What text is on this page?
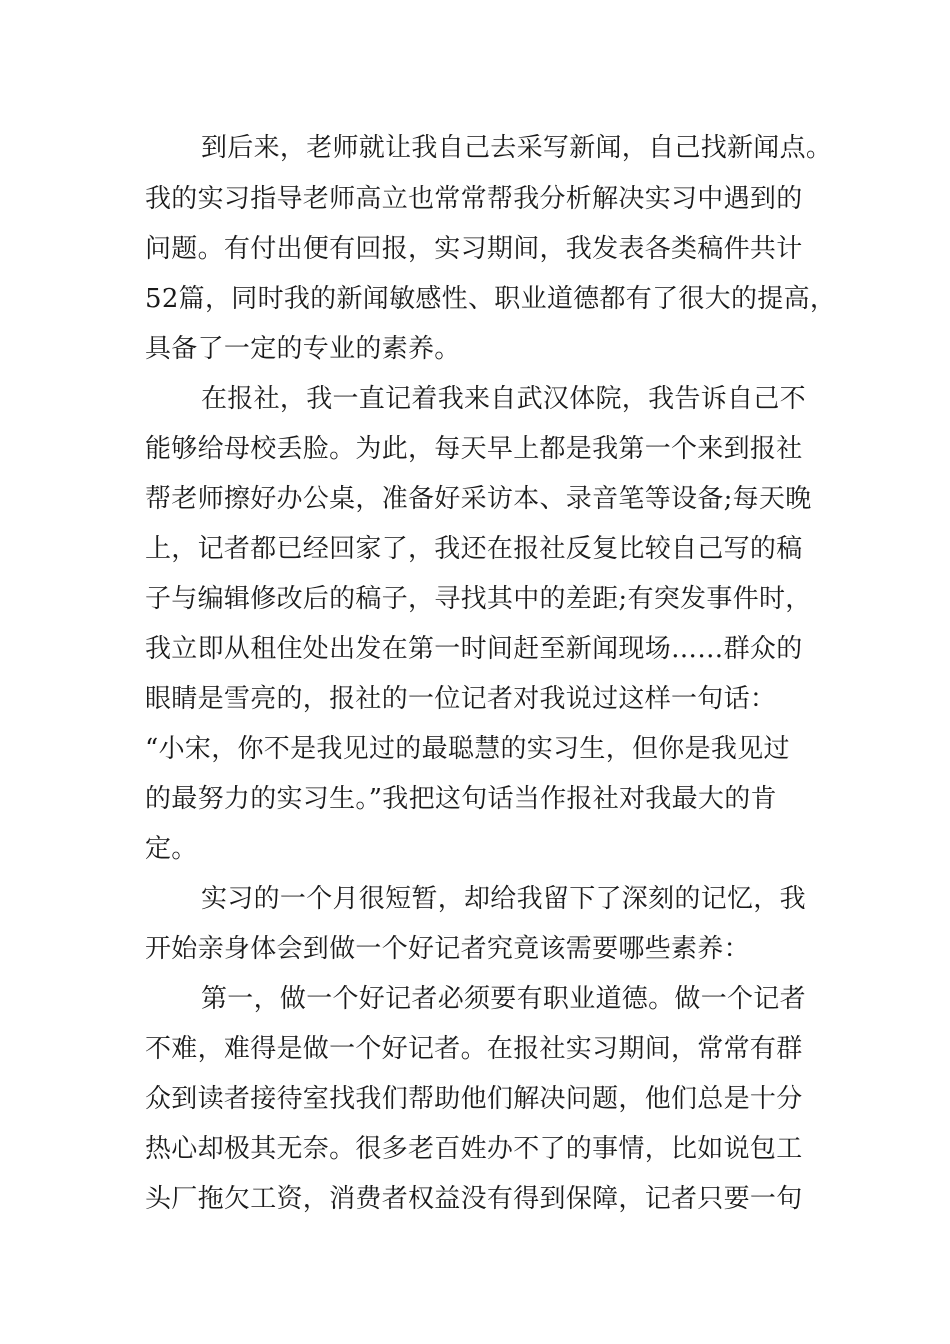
到后来，老师就让我自己去采写新闻，自己找新闻点。
我的实习指导老师高立也常常帮我分析解决实习中遇到的
问题。有付出便有回报，实习期间，我发表各类稿件共计
52篇，同时我的新闻敏感性、职业道德都有了很大的提高，
具备了一定的专业的素养。
在报社，我一直记着我来自武汉体院，我告诉自己不
能够给母校丢脸。为此，每天早上都是我第一个来到报社
帮老师擦好办公桌，准备好采访本、录音笔等设备;每天晚
上，记者都已经回家了，我还在报社反复比较自己写的稿
子与编辑修改后的稿子，寻找其中的差距;有突发事件时，
我立即从租住处出发在第一时间赶至新闻现场……群众的
眼睛是雪亮的，报社的一位记者对我说过这样一句话：
“小宋，你不是我见过的最聪慧的实习生，但你是我见过
的最努力的实习生。”我把这句话当作报社对我最大的肯
定。
实习的一个月很短暂，却给我留下了深刻的记忆，我
开始亲身体会到做一个好记者究竟该需要哪些素养：
第一，做一个好记者必须要有职业道德。做一个记者
不难，难得是做一个好记者。在报社实习期间，常常有群
众到读者接待室找我们帮助他们解决问题，他们总是十分
热心却极其无奈。很多老百姓办不了的事情，比如说包工
头厂拖欠工资，消费者权益没有得到保障，记者只要一句
